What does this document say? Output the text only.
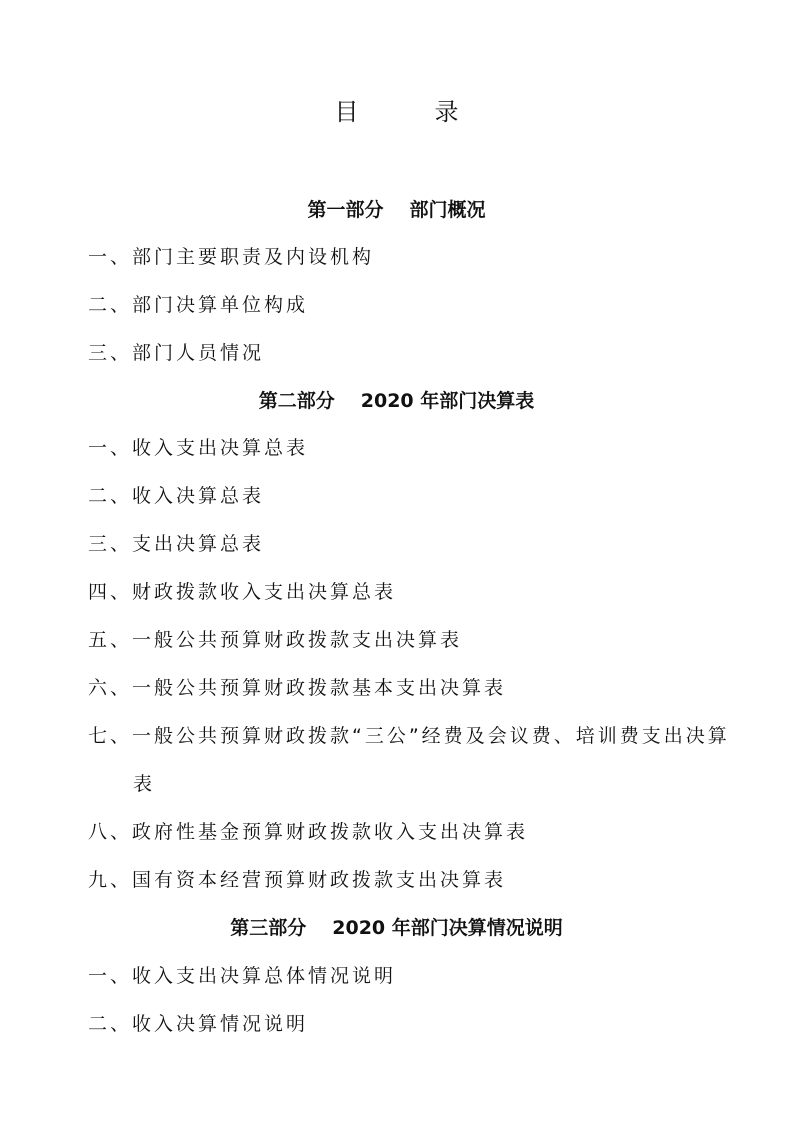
目　录
第一部分 部门概况
一、部门主要职责及内设机构
二、部门决算单位构成
三、部门人员情况
第二部分 2020 年部门决算表
一、收入支出决算总表
二、收入决算总表
三、支出决算总表
四、财政拨款收入支出决算总表
五、一般公共预算财政拨款支出决算表
六、一般公共预算财政拨款基本支出决算表
七、一般公共预算财政拨款“三公”经费及会议费、培训费支出决算
表
八、政府性基金预算财政拨款收入支出决算表
九、国有资本经营预算财政拨款支出决算表
第三部分 2020 年部门决算情况说明
一、收入支出决算总体情况说明
二、收入决算情况说明
